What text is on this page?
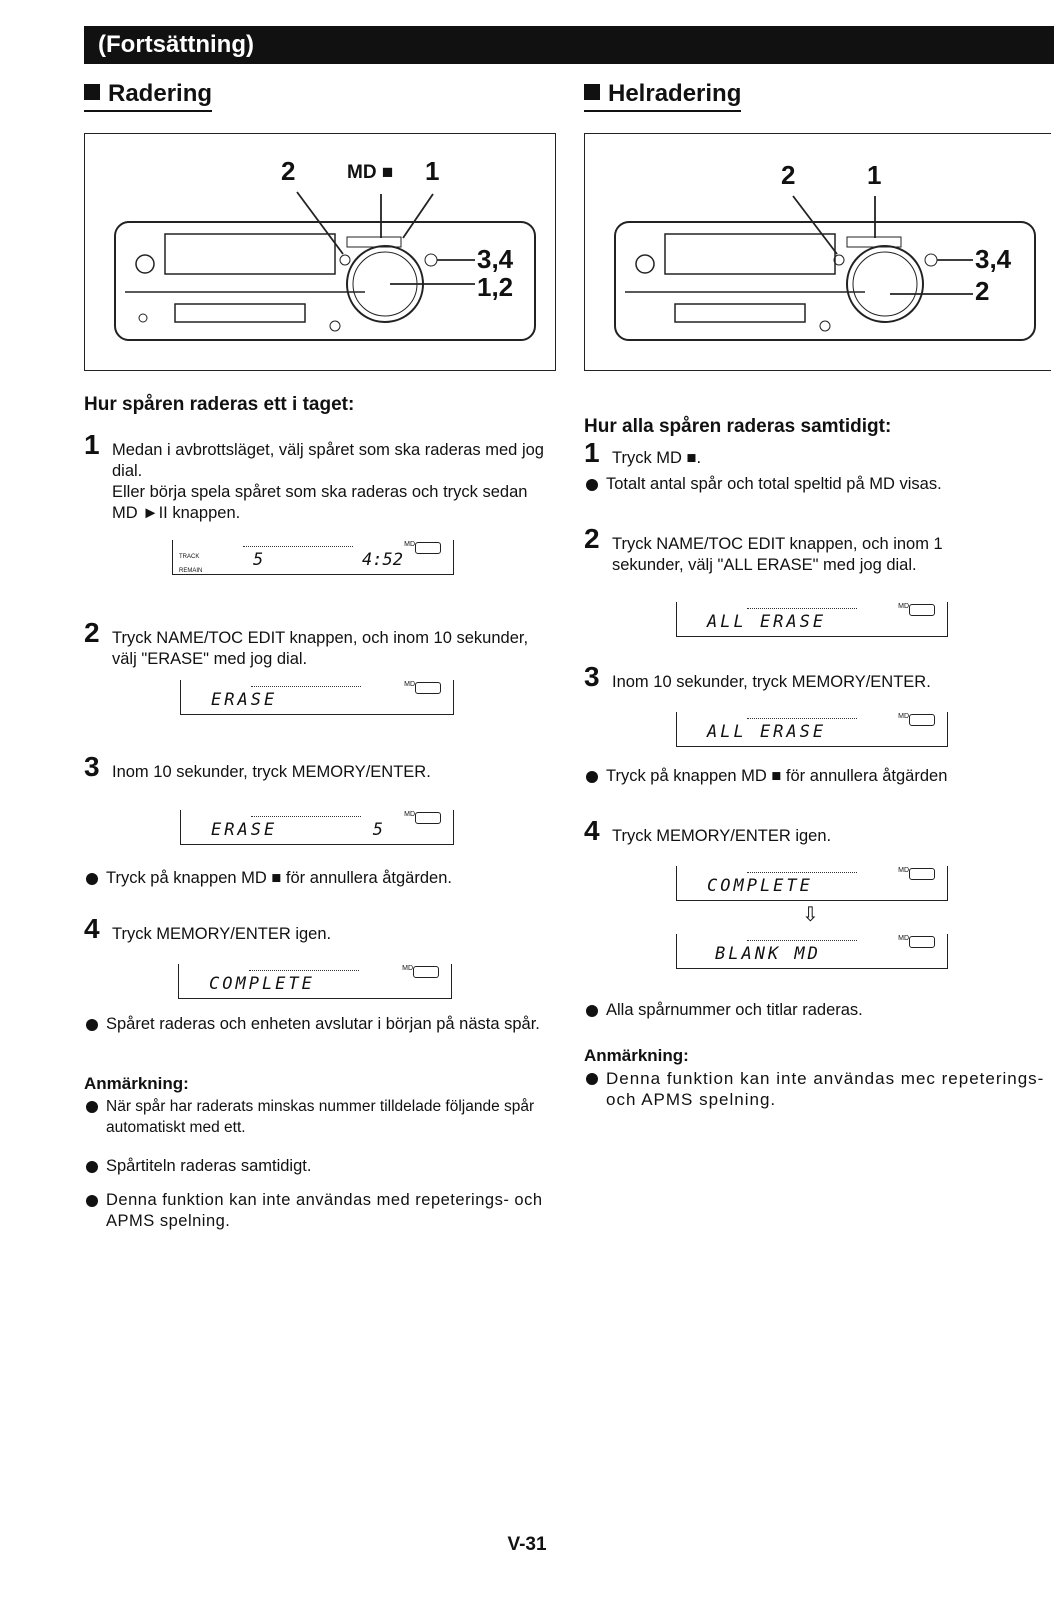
(Fortsättning)
Radering
2	MD ■ 1
3,4
1,2
Hur spåren raderas ett i taget:
1 Medan i avbrottsläget, välj spåret som ska raderas med jog dial.
Eller börja spela spåret som ska raderas och tryck sedan MD ►II knappen.
TRACK
REMAIN
MD
5	4:52
2 Tryck NAME/TOC EDIT knappen, och inom 10 sekunder, välj "ERASE" med jog dial.
MD
ERASE
3 Inom 10 sekunder, tryck MEMORY/ENTER.
MD
ERASE	5
Tryck på knappen MD ■ för annullera åtgärden.
4 Tryck MEMORY/ENTER igen.
MD
COMPLETE
Spåret raderas och enheten avslutar i början på nästa spår.
Anmärkning:
När spår har raderats minskas nummer tilldelade följande spår automatiskt med ett.
Spårtiteln raderas samtidigt.
Denna funktion kan inte användas med repeterings- och APMS spelning.
Helradering
2	1
3,4
2
Hur alla spåren raderas samtidigt:
1 Tryck MD ■.
Totalt antal spår och total speltid på MD visas.
2 Tryck NAME/TOC EDIT knappen, och inom 1
sekunder, välj "ALL ERASE" med jog dial.
MD
ALL ERASE
3 Inom 10 sekunder, tryck MEMORY/ENTER.
MD
ALL ERASE
Tryck på knappen MD ■ för annullera åtgärden
4 Tryck MEMORY/ENTER igen.
MD
COMPLETE
⇩
MD
BLANK MD
Alla spårnummer och titlar raderas.
Anmärkning:
Denna funktion kan inte användas mec repeterings- och APMS spelning.
V-31
